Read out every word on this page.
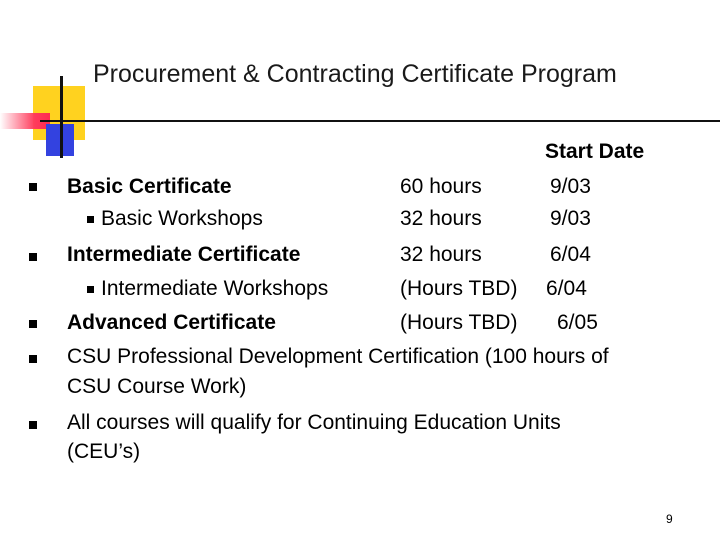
Procurement & Contracting Certificate Program
Start Date
Basic Certificate	60 hours	9/03
Basic Workshops	32 hours	9/03
Intermediate Certificate	32 hours	6/04
Intermediate Workshops	(Hours TBD) 6/04
Advanced Certificate	(Hours TBD) 6/05
CSU Professional Development Certification (100 hours of
CSU Course Work)
All courses will qualify for Continuing Education Units
(CEU’s)
9
